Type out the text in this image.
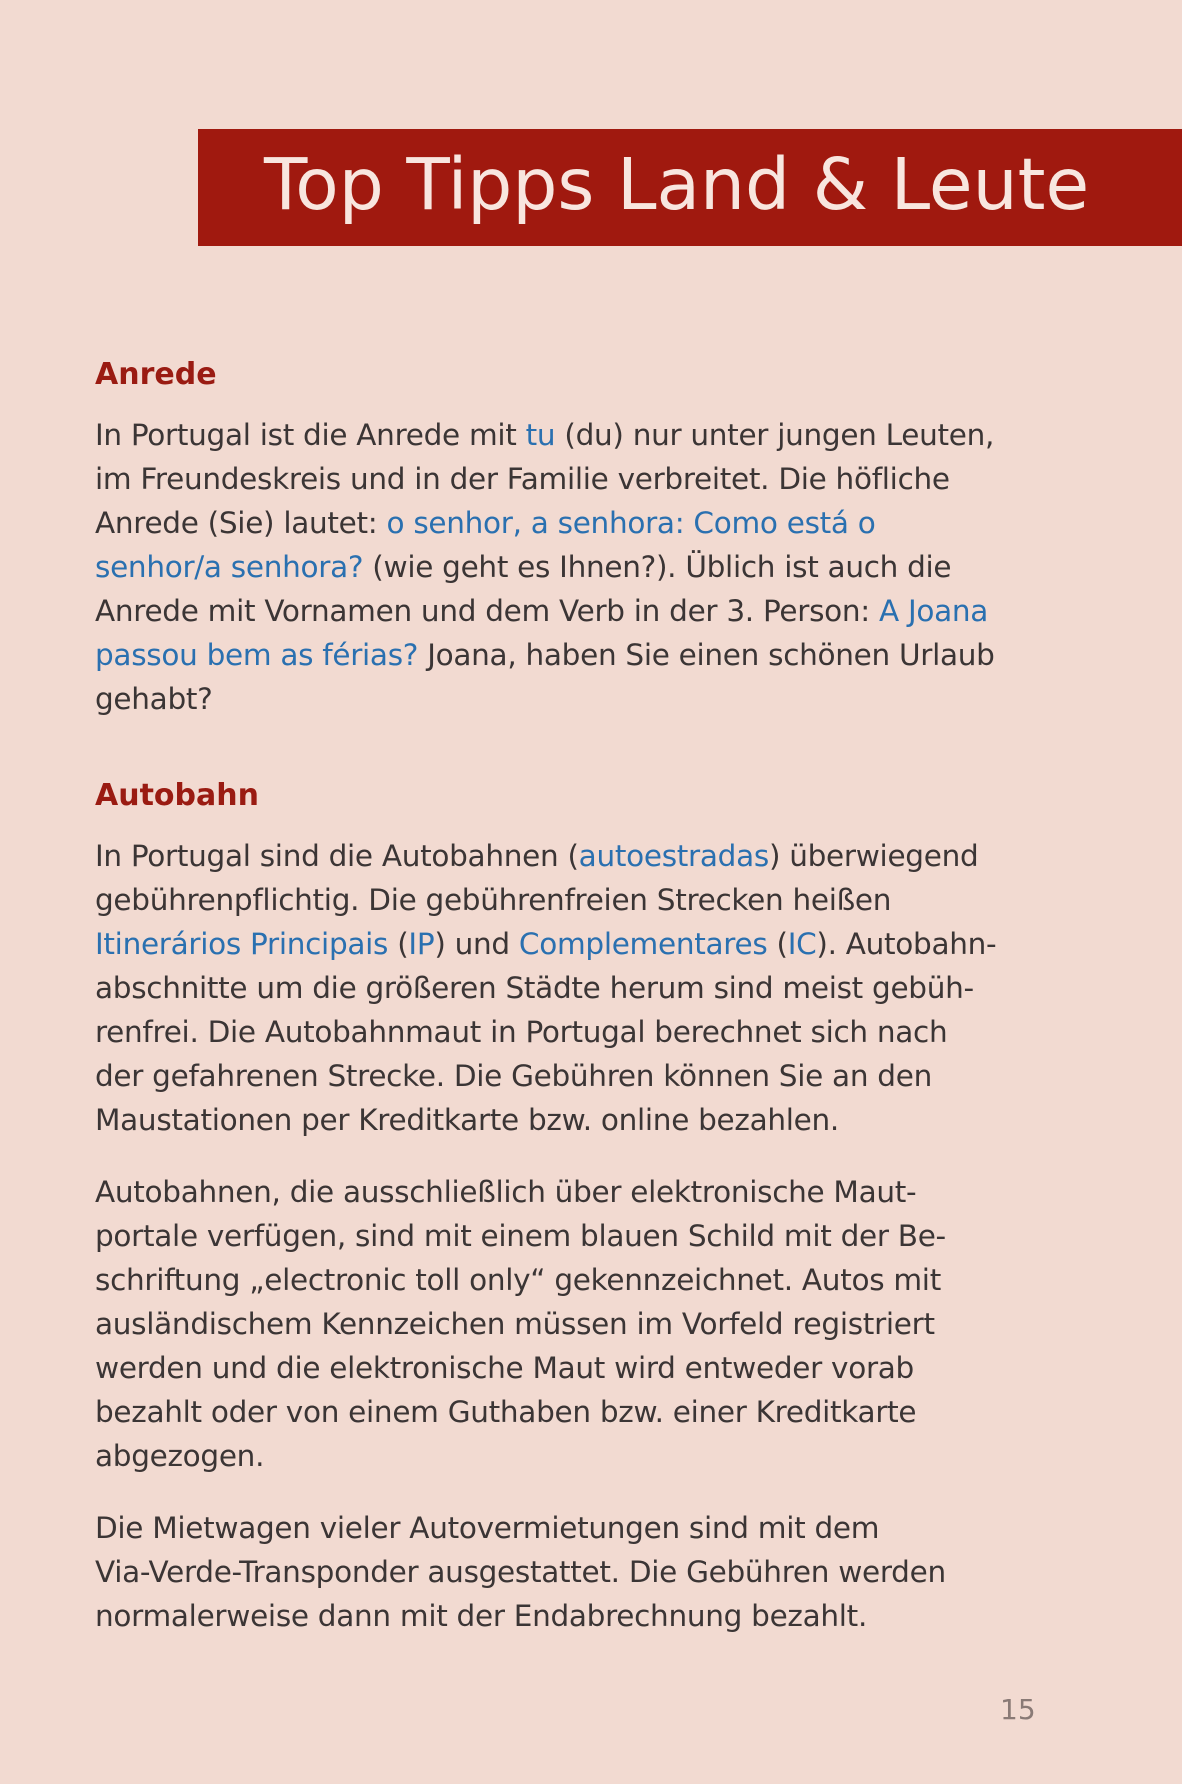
Top Tipps Land & Leute
Anrede

In Portugal ist die Anrede mit tu (du) nur unter jungen Leuten,
im Freundeskreis und in der Familie verbreitet. Die höfliche
Anrede (Sie) lautet: o senhor, a senhora: Como está o
senhor/a senhora? (wie geht es Ihnen?). Üblich ist auch die
Anrede mit Vornamen und dem Verb in der 3. Person: A Joana
passou bem as férias? Joana, haben Sie einen schönen Urlaub
gehabt?

Autobahn

In Portugal sind die Autobahnen (autoestradas) überwiegend
gebührenpflichtig. Die gebührenfreien Strecken heißen
Itinerários Principais (IP) und Complementares (IC). Autobahn-
abschnitte um die größeren Städte herum sind meist gebüh-
renfrei. Die Autobahnmaut in Portugal berechnet sich nach
der gefahrenen Strecke. Die Gebühren können Sie an den
Maustationen per Kreditkarte bzw. online bezahlen.

Autobahnen, die ausschließlich über elektronische Maut-
portale verfügen, sind mit einem blauen Schild mit der Be-
schriftung „electronic toll only“ gekennzeichnet. Autos mit
ausländischem Kennzeichen müssen im Vorfeld registriert
werden und die elektronische Maut wird entweder vorab
bezahlt oder von einem Guthaben bzw. einer Kreditkarte
abgezogen.

Die Mietwagen vieler Autovermietungen sind mit dem
Via-Verde-Transponder ausgestattet. Die Gebühren werden
normalerweise dann mit der Endabrechnung bezahlt.

15
